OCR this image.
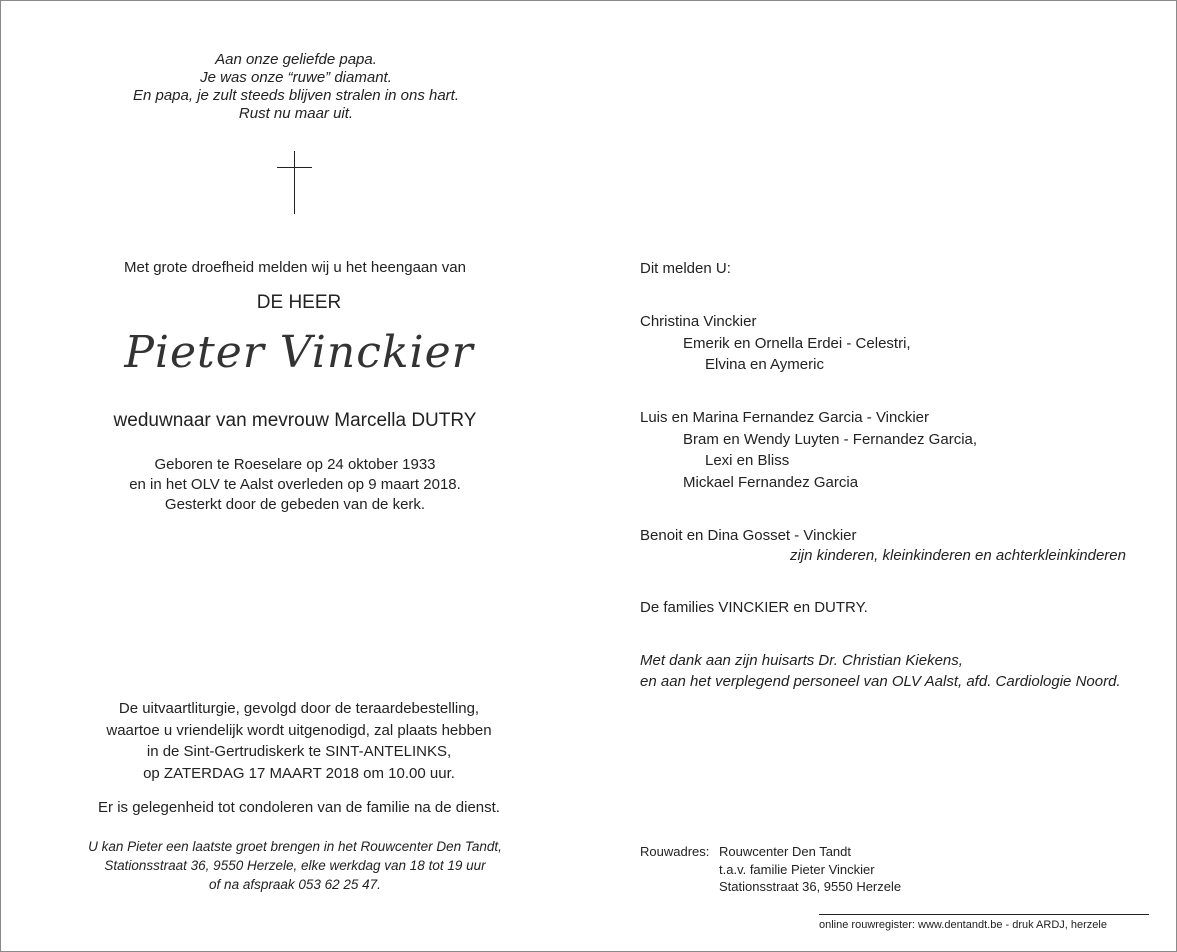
Aan onze geliefde papa.
Je was onze “ruwe” diamant.
En papa, je zult steeds blijven stralen in ons hart.
Rust nu maar uit.
Met grote droefheid melden wij u het heengaan van
DE HEER
Pieter Vinckier
weduwnaar van mevrouw Marcella DUTRY
Geboren te Roeselare op 24 oktober 1933
en in het OLV te Aalst overleden op 9 maart 2018.
Gesterkt door de gebeden van de kerk.
De uitvaartliturgie, gevolgd door de teraardebestelling,
waartoe u vriendelijk wordt uitgenodigd, zal plaats hebben
in de Sint-Gertrudiskerk te SINT-ANTELINKS,
op ZATERDAG 17 MAART 2018 om 10.00 uur.
Er is gelegenheid tot condoleren van de familie na de dienst.
U kan Pieter een laatste groet brengen in het Rouwcenter Den Tandt,
Stationsstraat 36, 9550 Herzele, elke werkdag van 18 tot 19 uur
of na afspraak 053 62 25 47.
Dit melden U:
Christina Vinckier
Emerik en Ornella Erdei - Celestri,
Elvina en Aymeric
Luis en Marina Fernandez Garcia - Vinckier
Bram en Wendy Luyten - Fernandez Garcia,
Lexi en Bliss
Mickael Fernandez Garcia
Benoit en Dina Gosset - Vinckier
zijn kinderen, kleinkinderen en achterkleinkinderen
De families VINCKIER en DUTRY.
Met dank aan zijn huisarts Dr. Christian Kiekens,
en aan het verplegend personeel van OLV Aalst, afd. Cardiologie Noord.
Rouwadres: Rouwcenter Den Tandt
t.a.v. familie Pieter Vinckier
Stationsstraat 36, 9550 Herzele
online rouwregister: www.dentandt.be - druk ARDJ, herzele
